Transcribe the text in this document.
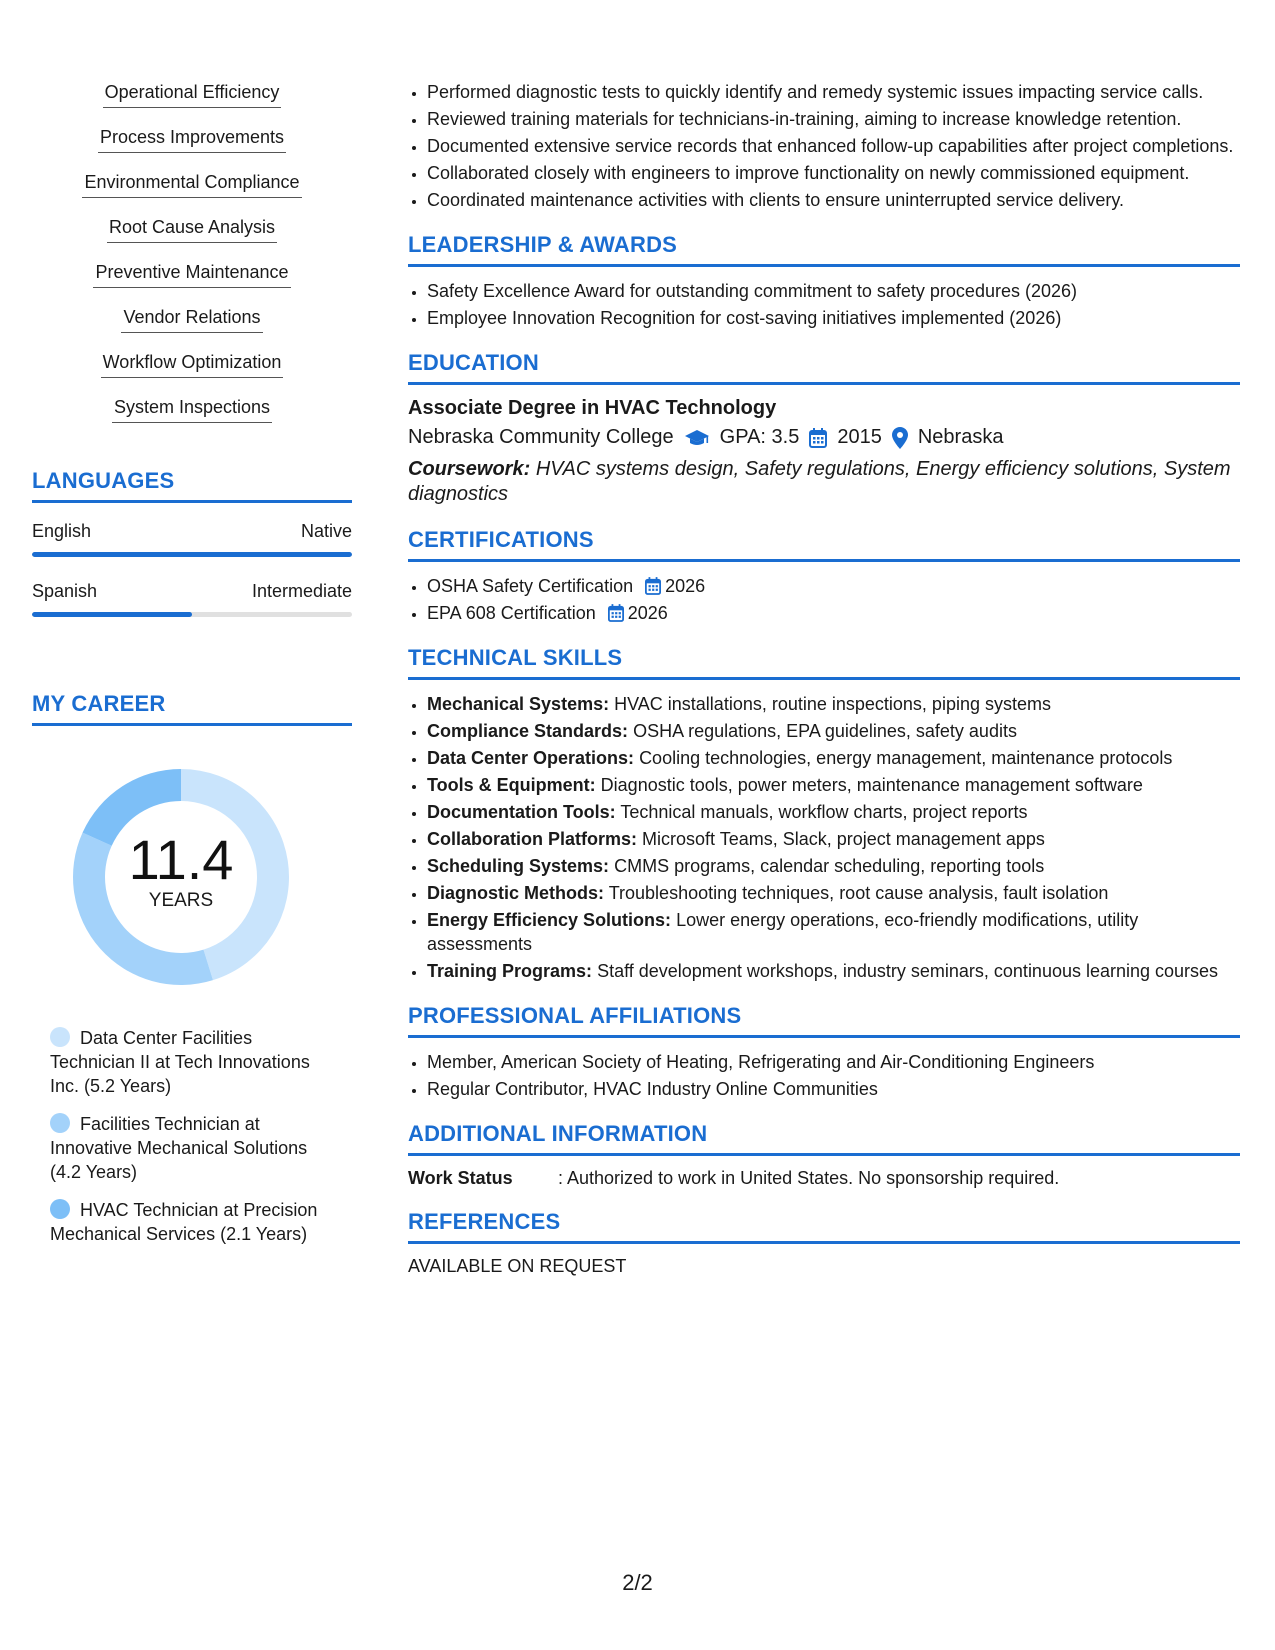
Operational Efficiency
Process Improvements
Environmental Compliance
Root Cause Analysis
Preventive Maintenance
Vendor Relations
Workflow Optimization
System Inspections
LANGUAGES
English	Native
Spanish	Intermediate
MY CAREER
11.4
YEARS
Data Center Facilities Technician II at Tech Innovations Inc. (5.2 Years)
Facilities Technician at Innovative Mechanical Solutions (4.2 Years)
HVAC Technician at Precision Mechanical Services (2.1 Years)
• Performed diagnostic tests to quickly identify and remedy systemic issues impacting service calls.
• Reviewed training materials for technicians-in-training, aiming to increase knowledge retention.
• Documented extensive service records that enhanced follow-up capabilities after project completions.
• Collaborated closely with engineers to improve functionality on newly commissioned equipment.
• Coordinated maintenance activities with clients to ensure uninterrupted service delivery.
LEADERSHIP & AWARDS
• Safety Excellence Award for outstanding commitment to safety procedures (2026)
• Employee Innovation Recognition for cost-saving initiatives implemented (2026)
EDUCATION
Associate Degree in HVAC Technology
Nebraska Community College GPA: 3.5 2015 Nebraska
Coursework: HVAC systems design, Safety regulations, Energy efficiency solutions, System diagnostics
CERTIFICATIONS
• OSHA Safety Certification 2026
• EPA 608 Certification 2026
TECHNICAL SKILLS
• Mechanical Systems: HVAC installations, routine inspections, piping systems
• Compliance Standards: OSHA regulations, EPA guidelines, safety audits
• Data Center Operations: Cooling technologies, energy management, maintenance protocols
• Tools & Equipment: Diagnostic tools, power meters, maintenance management software
• Documentation Tools: Technical manuals, workflow charts, project reports
• Collaboration Platforms: Microsoft Teams, Slack, project management apps
• Scheduling Systems: CMMS programs, calendar scheduling, reporting tools
• Diagnostic Methods: Troubleshooting techniques, root cause analysis, fault isolation
• Energy Efficiency Solutions: Lower energy operations, eco-friendly modifications, utility assessments
• Training Programs: Staff development workshops, industry seminars, continuous learning courses
PROFESSIONAL AFFILIATIONS
• Member, American Society of Heating, Refrigerating and Air-Conditioning Engineers
• Regular Contributor, HVAC Industry Online Communities
ADDITIONAL INFORMATION
Work Status	: Authorized to work in United States. No sponsorship required.
REFERENCES
AVAILABLE ON REQUEST
2/2
